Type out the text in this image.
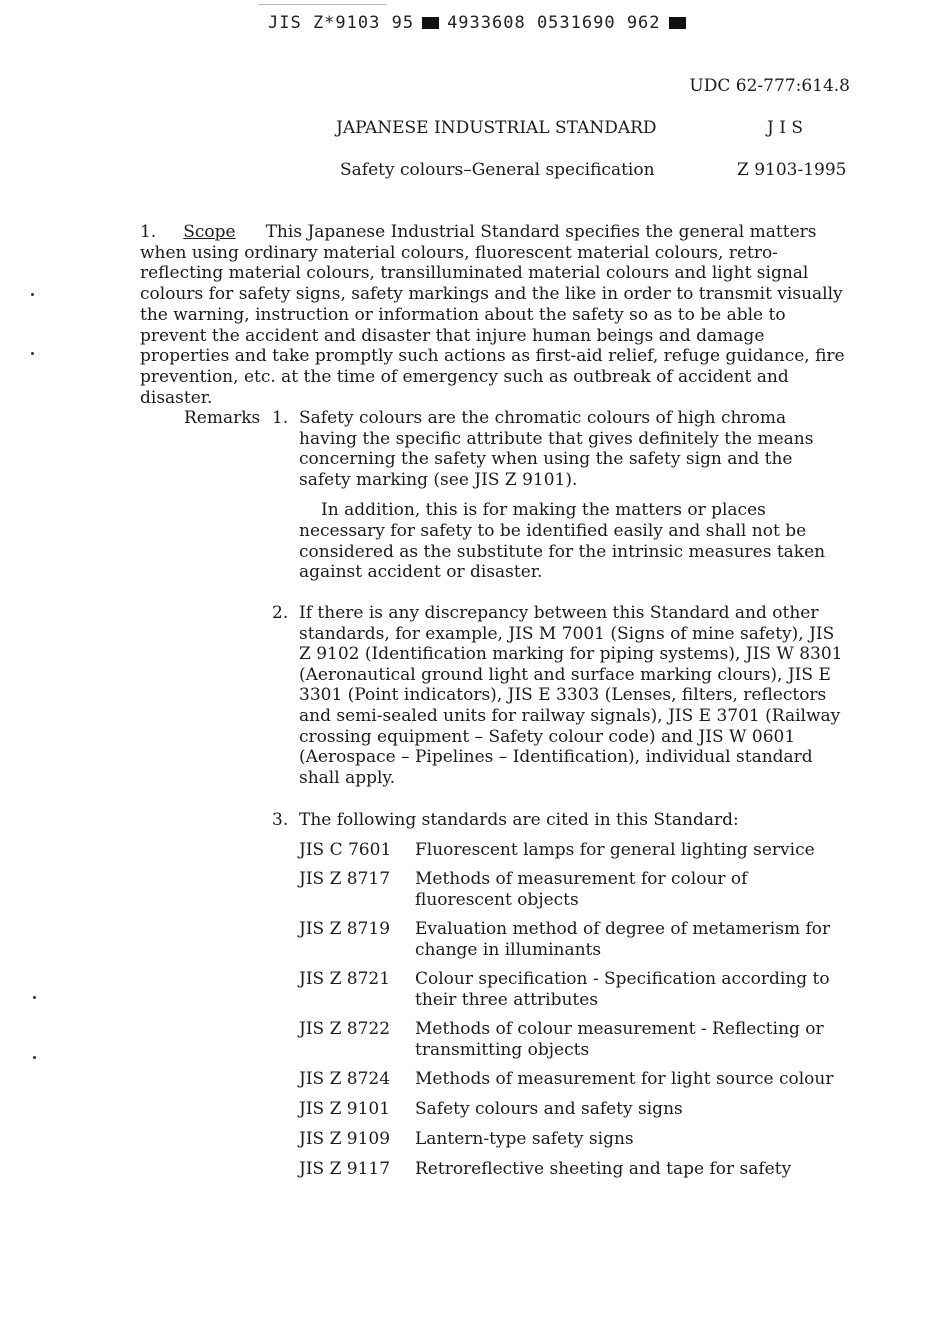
JIS Z*9103 95 4933608 0531690 962
UDC 62-777:614.8
JAPANESE INDUSTRIAL STANDARD	J I S
Safety colours–General specification	Z 9103-1995
1. Scope This Japanese Industrial Standard specifies the general matters when using ordinary material colours, fluorescent material colours, retro-reflecting material colours, transilluminated material colours and light signal colours for safety signs, safety markings and the like in order to transmit visually the warning, instruction or information about the safety so as to be able to prevent the accident and disaster that injure human beings and damage properties and take promptly such actions as first-aid relief, refuge guidance, fire prevention, etc. at the time of emergency such as outbreak of accident and disaster.
Remarks 1. Safety colours are the chromatic colours of high chroma having the specific attribute that gives definitely the means concerning the safety when using the safety sign and the safety marking (see JIS Z 9101).

In addition, this is for making the matters or places necessary for safety to be identified easily and shall not be considered as the substitute for the intrinsic measures taken against accident or disaster.

2. If there is any discrepancy between this Standard and other standards, for example, JIS M 7001 (Signs of mine safety), JIS Z 9102 (Identification marking for piping systems), JIS W 8301 (Aeronautical ground light and surface marking clours), JIS E 3301 (Point indicators), JIS E 3303 (Lenses, filters, reflectors and semi-sealed units for railway signals), JIS E 3701 (Railway crossing equipment – Safety colour code) and JIS W 0601 (Aerospace – Pipelines – Identification), individual standard shall apply.

3. The following standards are cited in this Standard:

JIS C 7601 Fluorescent lamps for general lighting service
JIS Z 8717 Methods of measurement for colour of fluorescent objects
JIS Z 8719 Evaluation method of degree of metamerism for change in illuminants
JIS Z 8721 Colour specification - Specification according to their three attributes
JIS Z 8722 Methods of colour measurement - Reflecting or transmitting objects
JIS Z 8724 Methods of measurement for light source colour
JIS Z 9101 Safety colours and safety signs
JIS Z 9109 Lantern-type safety signs
JIS Z 9117 Retroreflective sheeting and tape for safety
